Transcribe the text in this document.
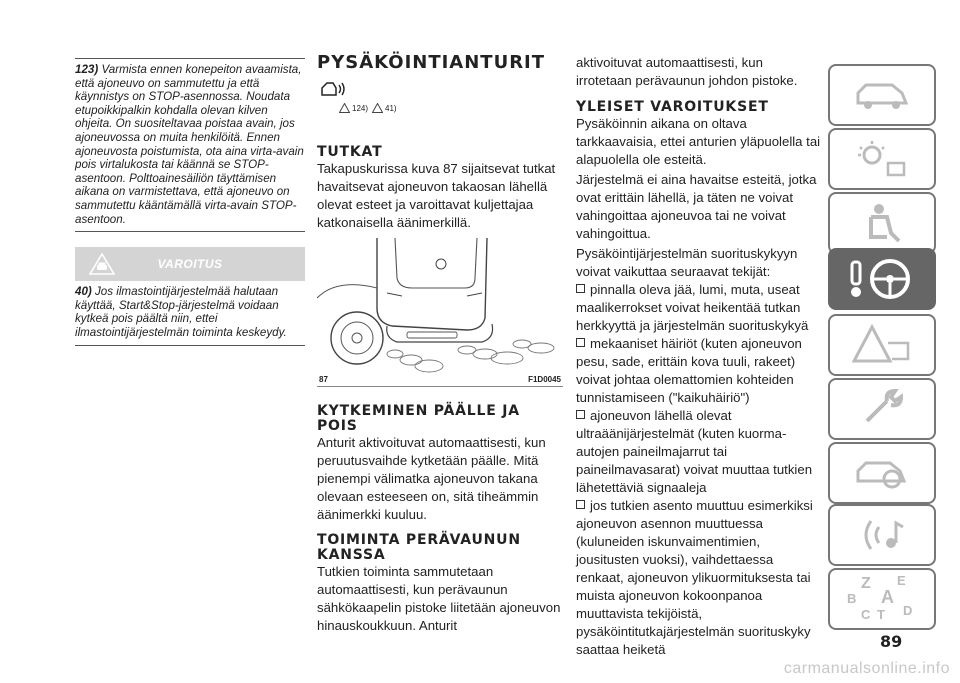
123) Varmista ennen konepeiton avaamista, että ajoneuvo on sammutettu ja että käynnistys on STOP-asennossa. Noudata etupoikkipalkin kohdalla olevan kilven ohjeita. On suositeltavaa poistaa avain, jos ajoneuvossa on muita henkilöitä. Ennen ajoneuvosta poistumista, ota aina virta-avain pois virtalukosta tai käännä se STOP-asentoon. Polttoainesäiliön täyttämisen aikana on varmistettava, että ajoneuvo on sammutettu kääntämällä virta-avain STOP-asentoon.
VAROITUS
40) Jos ilmastointijärjestelmää halutaan käyttää, Start&Stop-järjestelmä voidaan kytkeä pois päältä niin, ettei ilmastointijärjestelmän toiminta keskeydy.
PYSÄKÖINTIANTURIT
124) 41)
TUTKAT

Takapuskurissa kuva 87 sijaitsevat tutkat havaitsevat ajoneuvon takaosan lähellä olevat esteet ja varoittavat kuljettajaa katkonaisella äänimerkillä.

87	F1D0045
KYTKEMINEN PÄÄLLE JA POIS

Anturit aktivoituvat automaattisesti, kun peruutusvaihde kytketään päälle. Mitä pienempi välimatka ajoneuvon takana olevaan esteeseen on, sitä tiheämmin äänimerkki kuuluu.

TOIMINTA PERÄVAUNUN KANSSA

Tutkien toiminta sammutetaan automaattisesti, kun perävaunun sähkökaapelin pistoke liitetään ajoneuvon hinauskoukkuun. Anturit

aktivoituvat automaattisesti, kun irrotetaan perävaunun johdon pistoke.

YLEISET VAROITUKSET

Pysäköinnin aikana on oltava tarkkaavaisia, ettei anturien yläpuolella tai alapuolella ole esteitä.

Järjestelmä ei aina havaitse esteitä, jotka ovat erittäin lähellä, ja täten ne voivat vahingoittaa ajoneuvoa tai ne voivat vahingoittua.

Pysäköintijärjestelmän suorituskykyyn voivat vaikuttaa seuraavat tekijät:

pinnalla oleva jää, lumi, muta, useat maalikerrokset voivat heikentää tutkan herkkyyttä ja järjestelmän suorituskykyä

mekaaniset häiriöt (kuten ajoneuvon pesu, sade, erittäin kova tuuli, rakeet) voivat johtaa olemattomien kohteiden tunnistamiseen ("kaikuhäiriö")

ajoneuvon lähellä olevat ultraäänijärjestelmät (kuten kuorma-autojen paineilmajarrut tai paineilmavasarat) voivat muuttaa tutkien lähetettäviä signaaleja

jos tutkien asento muuttuu esimerkiksi ajoneuvon asennon muuttuessa (kuluneiden iskunvaimentimien, jousitusten vuoksi), vaihdettaessa renkaat, ajoneuvon ylikuormituksesta tai muista ajoneuvon kokoonpanoa muuttavista tekijöistä, pysäköintitutkajärjestelmän suorituskyky saattaa heiketä

Z E
B A
C	D
T
89
carmanualsonline.info
